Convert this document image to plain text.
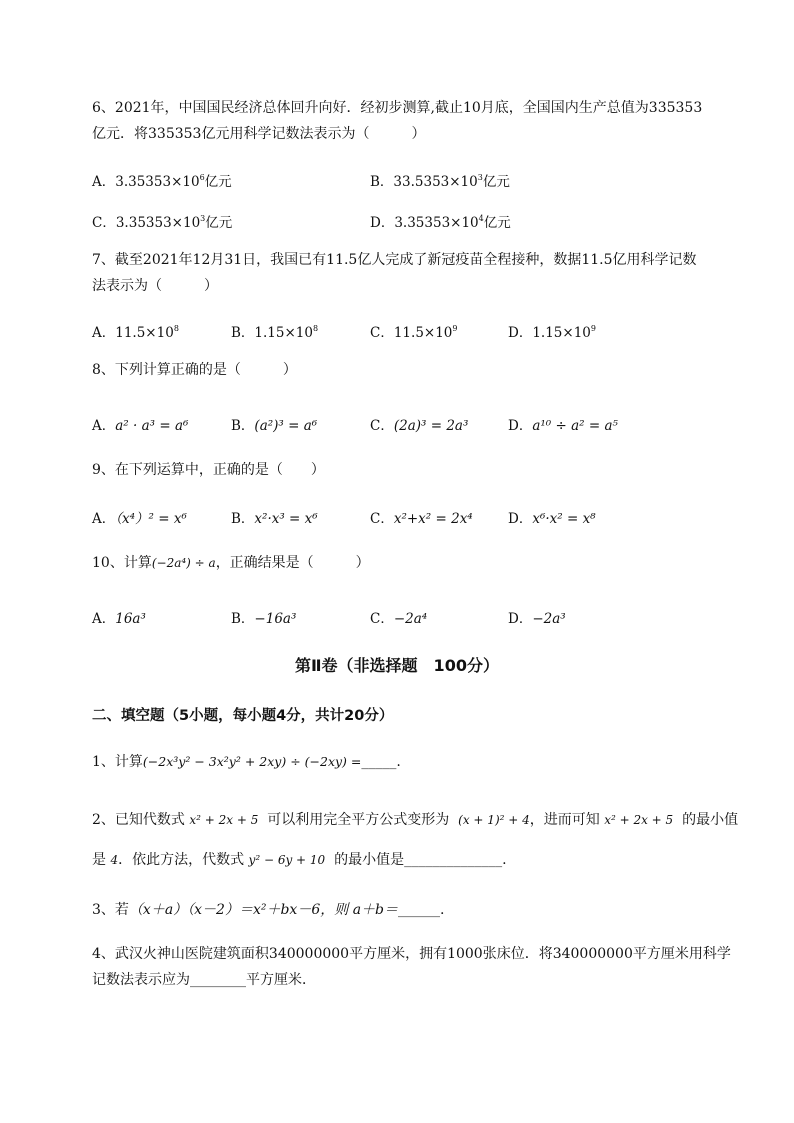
6、2021年，中国国民经济总体回升向好．经初步测算,截止10月底，全国国内生产总值为335353
亿元．将335353亿元用科学记数法表示为（　　　）
A．$3.35353\times 10^6$亿元	B．$33.5353\times 10^3$亿元
C．$3.35353\times 10^3$亿元	D．$3.35353\times 10^4$亿元
7、截至2021年12月31日，我国已有11.5亿人完成了新冠疫苗全程接种，数据11.5亿用科学记数
法表示为（　　　）
A．$11.5\times 10^8$	B．$1.15\times 10^8$	C．$11.5\times 10^9$	D．$1.15\times 10^9$
8、下列计算正确的是（　　　）
A．a² · a³ = a⁶	B．(a²)³ = a⁶	C．(2a)³ = 2a³	D．a¹⁰ ÷ a² = a⁵
9、在下列运算中，正确的是（　　）
A．（x⁴）² = x⁶	B．x²·x³ = x⁶	C．x²+x² = 2x⁴	D．x⁶·x² = x⁸
10、计算(−2a⁴) ÷ a，正确结果是（　　　）
A．16a³	B．−16a³	C．−2a⁴	D．−2a³
第Ⅱ卷（非选择题　100分）
二、填空题（5小题，每小题4分，共计20分）
1、计算(−2x³y² − 3x²y² + 2xy) ÷ (−2xy) =_____.
2、已知代数式 x² + 2x + 5 可以利用完全平方公式变形为 (x + 1)² + 4，进而可知 x² + 2x + 5 的最小值
是 4．依此方法，代数式 y² − 6y + 10 的最小值是______________.
3、若（x＋a）（x－2）＝x²＋bx－6，则 a＋b＝______.
4、武汉火神山医院建筑面积340000000平方厘米，拥有1000张床位．将340000000平方厘米用科学
记数法表示应为________平方厘米．
